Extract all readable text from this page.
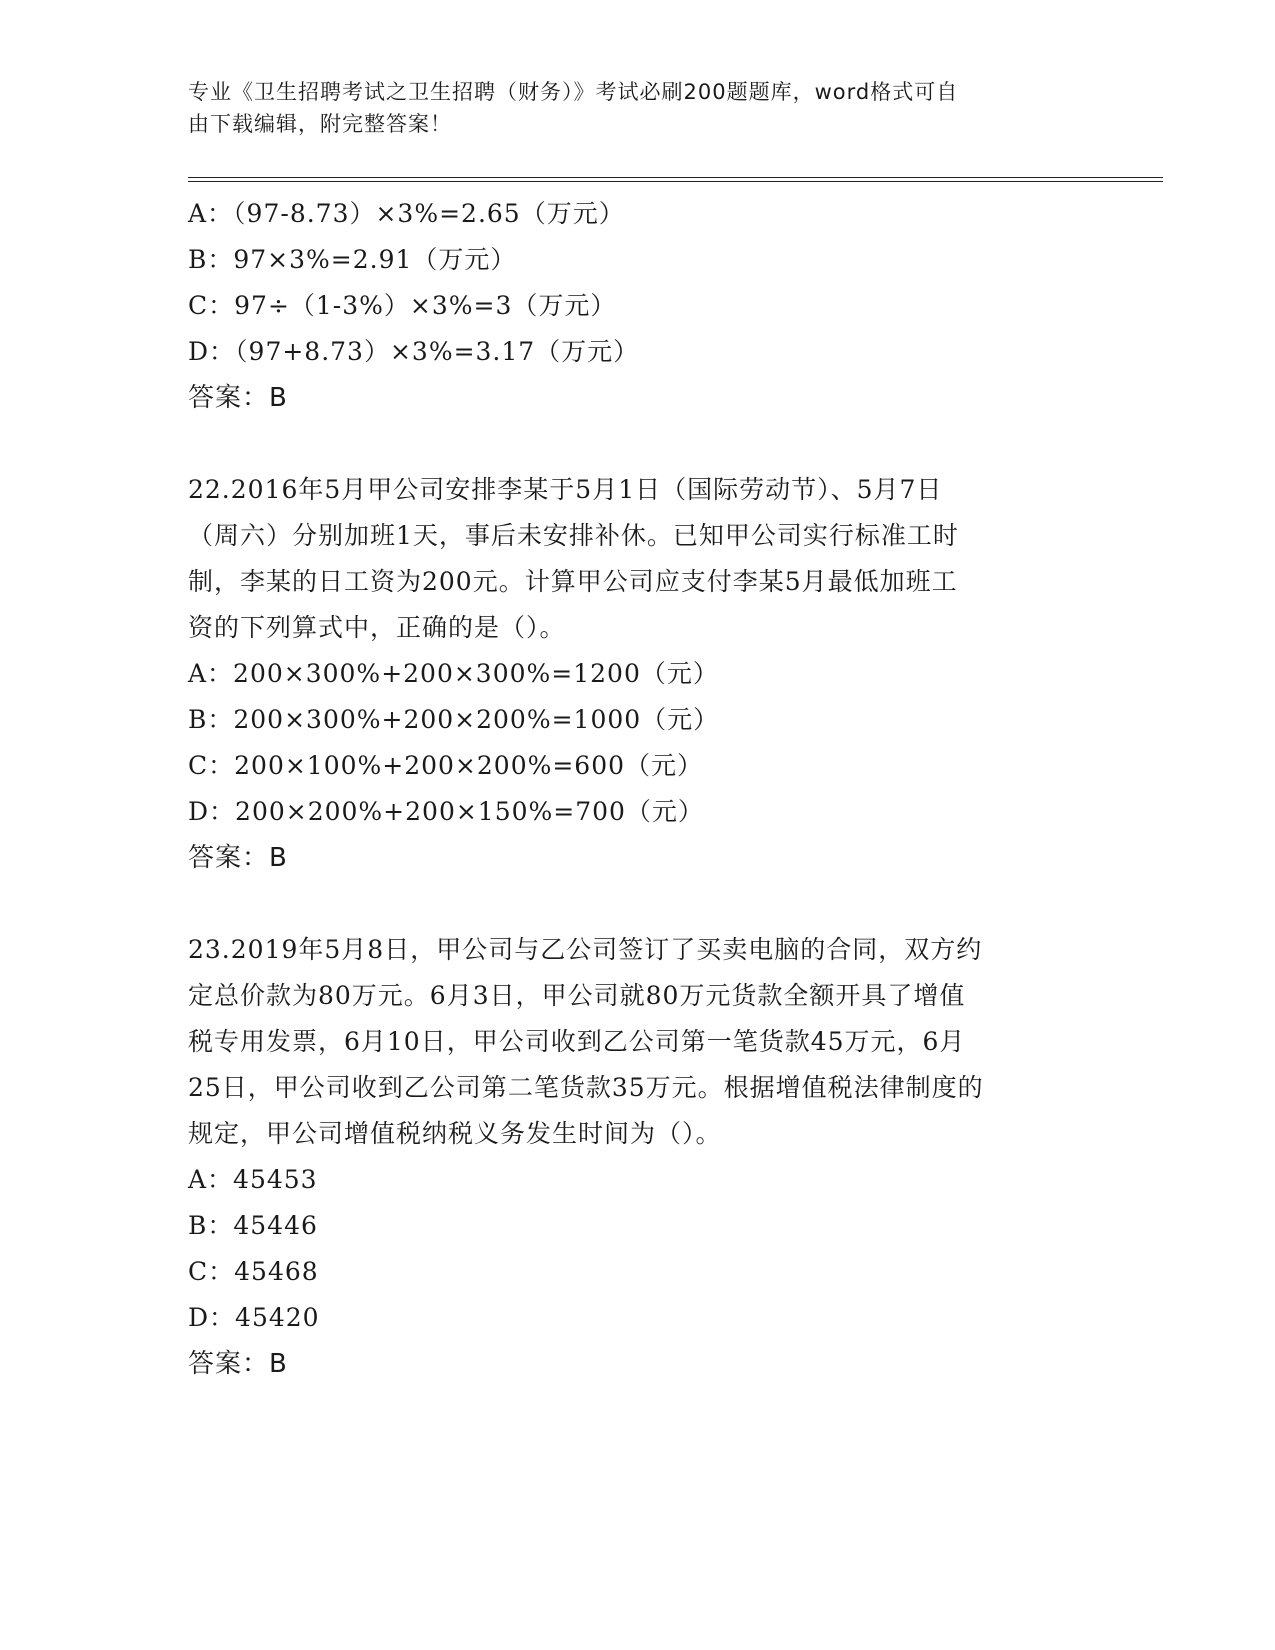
专业《卫生招聘考试之卫生招聘（财务）》考试必刷200题题库，word格式可自
由下载编辑，附完整答案！
A：（97-8.73）×3%=2.65（万元）
B：97×3%=2.91（万元）
C：97÷（1-3%）×3%=3（万元）
D：（97+8.73）×3%=3.17（万元）
答案：B
22.2016年5月甲公司安排李某于5月1日（国际劳动节）、5月7日
（周六）分别加班1天，事后未安排补休。已知甲公司实行标准工时
制，李某的日工资为200元。计算甲公司应支付李某5月最低加班工
资的下列算式中，正确的是（）。
A：200×300%+200×300%=1200（元）
B：200×300%+200×200%=1000（元）
C：200×100%+200×200%=600（元）
D：200×200%+200×150%=700（元）
答案：B
23.2019年5月8日，甲公司与乙公司签订了买卖电脑的合同，双方约
定总价款为80万元。6月3日，甲公司就80万元货款全额开具了增值
税专用发票，6月10日，甲公司收到乙公司第一笔货款45万元，6月
25日，甲公司收到乙公司第二笔货款35万元。根据增值税法律制度的
规定，甲公司增值税纳税义务发生时间为（）。
A：45453
B：45446
C：45468
D：45420
答案：B
